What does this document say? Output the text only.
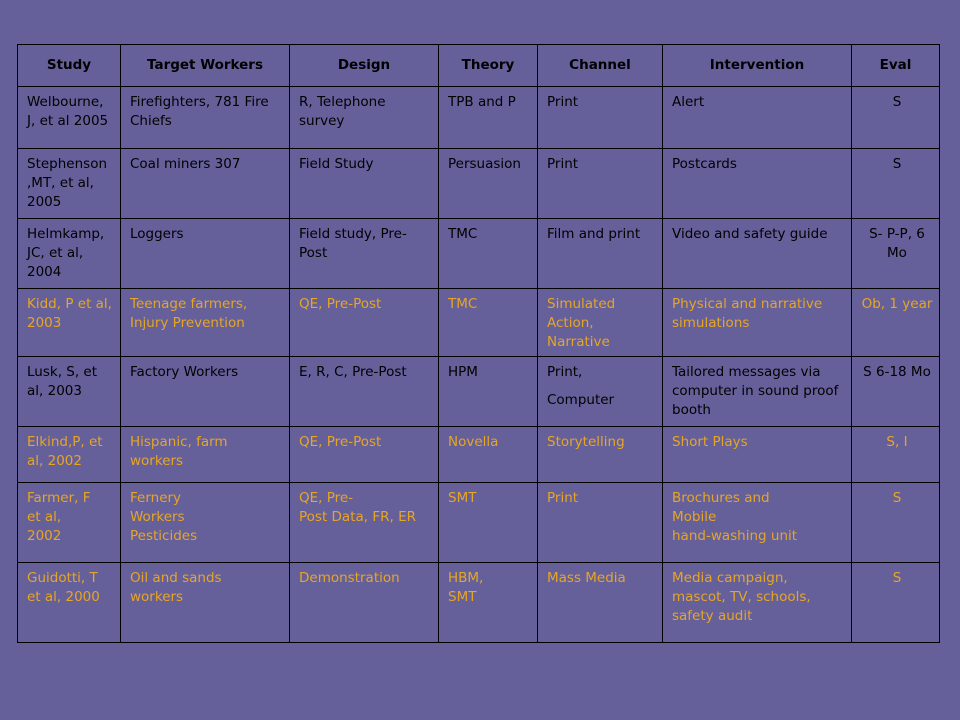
Study	Target Workers	Design	Theory	Channel	Intervention	Eval

Welbourne, J, et al 2005	Firefighters, 781 Fire Chiefs	R, Telephone survey	TPB and P	Print	Alert	S

Stephenson ,MT, et al, 2005	Coal miners 307	Field Study	Persuasion	Print	Postcards	S

Helmkamp, JC, et al, 2004	Loggers	Field study, Pre-Post	TMC	Film and print	Video and safety guide	S- P-P, 6 Mo

Kidd, P et al, 2003	Teenage farmers, Injury Prevention	QE, Pre-Post	TMC	Simulated Action, Narrative	Physical and narrative simulations	Ob, 1 year

Lusk, S, et al, 2003	Factory Workers	E, R, C, Pre-Post	HPM	Print,
Computer	Tailored messages via computer in sound proof booth	S 6-18 Mo

Elkind,P, et al, 2002	Hispanic, farm workers	QE, Pre-Post	Novella	Storytelling	Short Plays	S, I

Farmer, F
et al,
2002	Fernery
Workers
Pesticides	QE, Pre-
Post Data, FR, ER	SMT	Print	Brochures and
Mobile
hand-washing unit	S

Guidotti, T
et al, 2000	Oil and sands
workers	Demonstration	HBM,
SMT	Mass Media	Media campaign,
mascot, TV, schools,
safety audit	S
